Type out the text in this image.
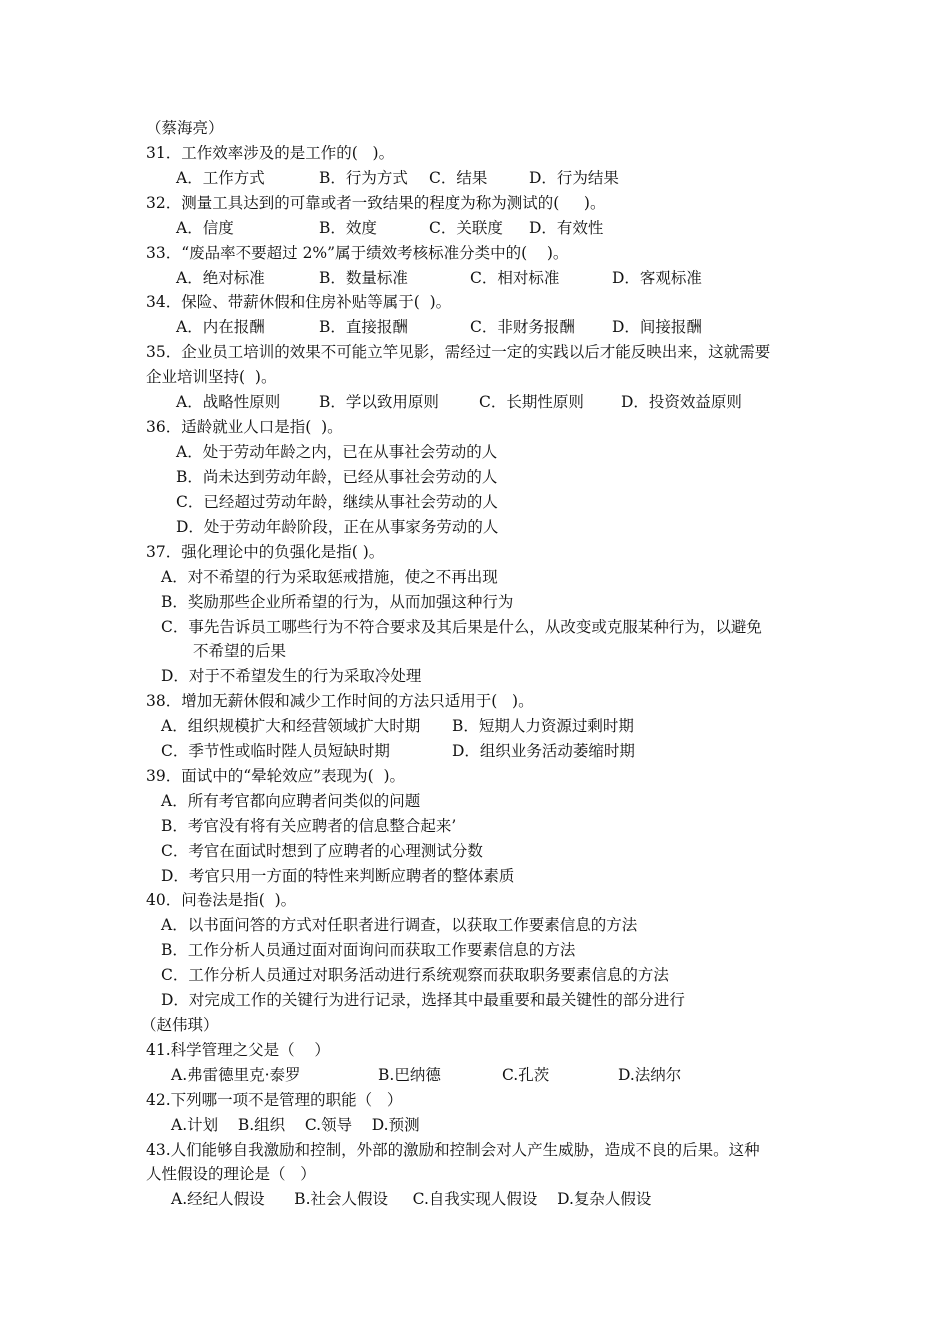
（蔡海亮）
31．工作效率涉及的是工作的(   )。
A．工作方式	B．行为方式 C．结果	D．行为结果
32．测量工具达到的可靠或者一致结果的程度为称为测试的(     )。
A．信度	B．效度	C．关联度 D．有效性
33．“废品率不要超过 2%”属于绩效考核标准分类中的(    )。
A．绝对标准	B．数量标准	C．相对标准	D．客观标准
34．保险、带薪休假和住房补贴等属于(  )。
A．内在报酬	B．直接报酬	C．非财务报酬 D．间接报酬
35．企业员工培训的效果不可能立竿见影，需经过一定的实践以后才能反映出来，这就需要
企业培训坚持(  )。
A．战略性原则	B．学以致用原则	C．长期性原则 D．投资效益原则
36．适龄就业人口是指(  )。
A．处于劳动年龄之内，已在从事社会劳动的人
B．尚未达到劳动年龄，已经从事社会劳动的人
C．已经超过劳动年龄，继续从事社会劳动的人
D．处于劳动年龄阶段，正在从事家务劳动的人
37．强化理论中的负强化是指( )。
A．对不希望的行为采取惩戒措施，使之不再出现
B．奖励那些企业所希望的行为，从而加强这种行为
C．事先告诉员工哪些行为不符合要求及其后果是什么，从改变或克服某种行为，以避免
不希望的后果
D．对于不希望发生的行为采取冷处理
38．增加无薪休假和减少工作时间的方法只适用于(   )。
A．组织规模扩大和经营领域扩大时期 B．短期人力资源过剩时期
C．季节性或临时陛人员短缺时期	D．组织业务活动萎缩时期
39．面试中的“晕轮效应”表现为(  )。
A．所有考官都向应聘者问类似的问题
B．考官没有将有关应聘者的信息整合起来’
C．考官在面试时想到了应聘者的心理测试分数
D．考官只用一方面的特性来判断应聘者的整体素质
40．问卷法是指(  )。
A．以书面问答的方式对任职者进行调查，以获取工作要素信息的方法
B．工作分析人员通过面对面询问而获取工作要素信息的方法
C．工作分析人员通过对职务活动进行系统观察而获取职务要素信息的方法
D．对完成工作的关键行为进行记录，选择其中最重要和最关键性的部分进行
（赵伟琪）
41.科学管理之父是（    ）
A.弗雷德里克·泰罗	B.巴纳德	C.孔茨	D.法纳尔
42.下列哪一项不是管理的职能（   ）
A.计划    B.组织    C.领导    D.预测
43.人们能够自我激励和控制，外部的激励和控制会对人产生威胁，造成不良的后果。这种
人性假设的理论是（   ）
A.经纪人假设      B.社会人假设     C.自我实现人假设    D.复杂人假设
